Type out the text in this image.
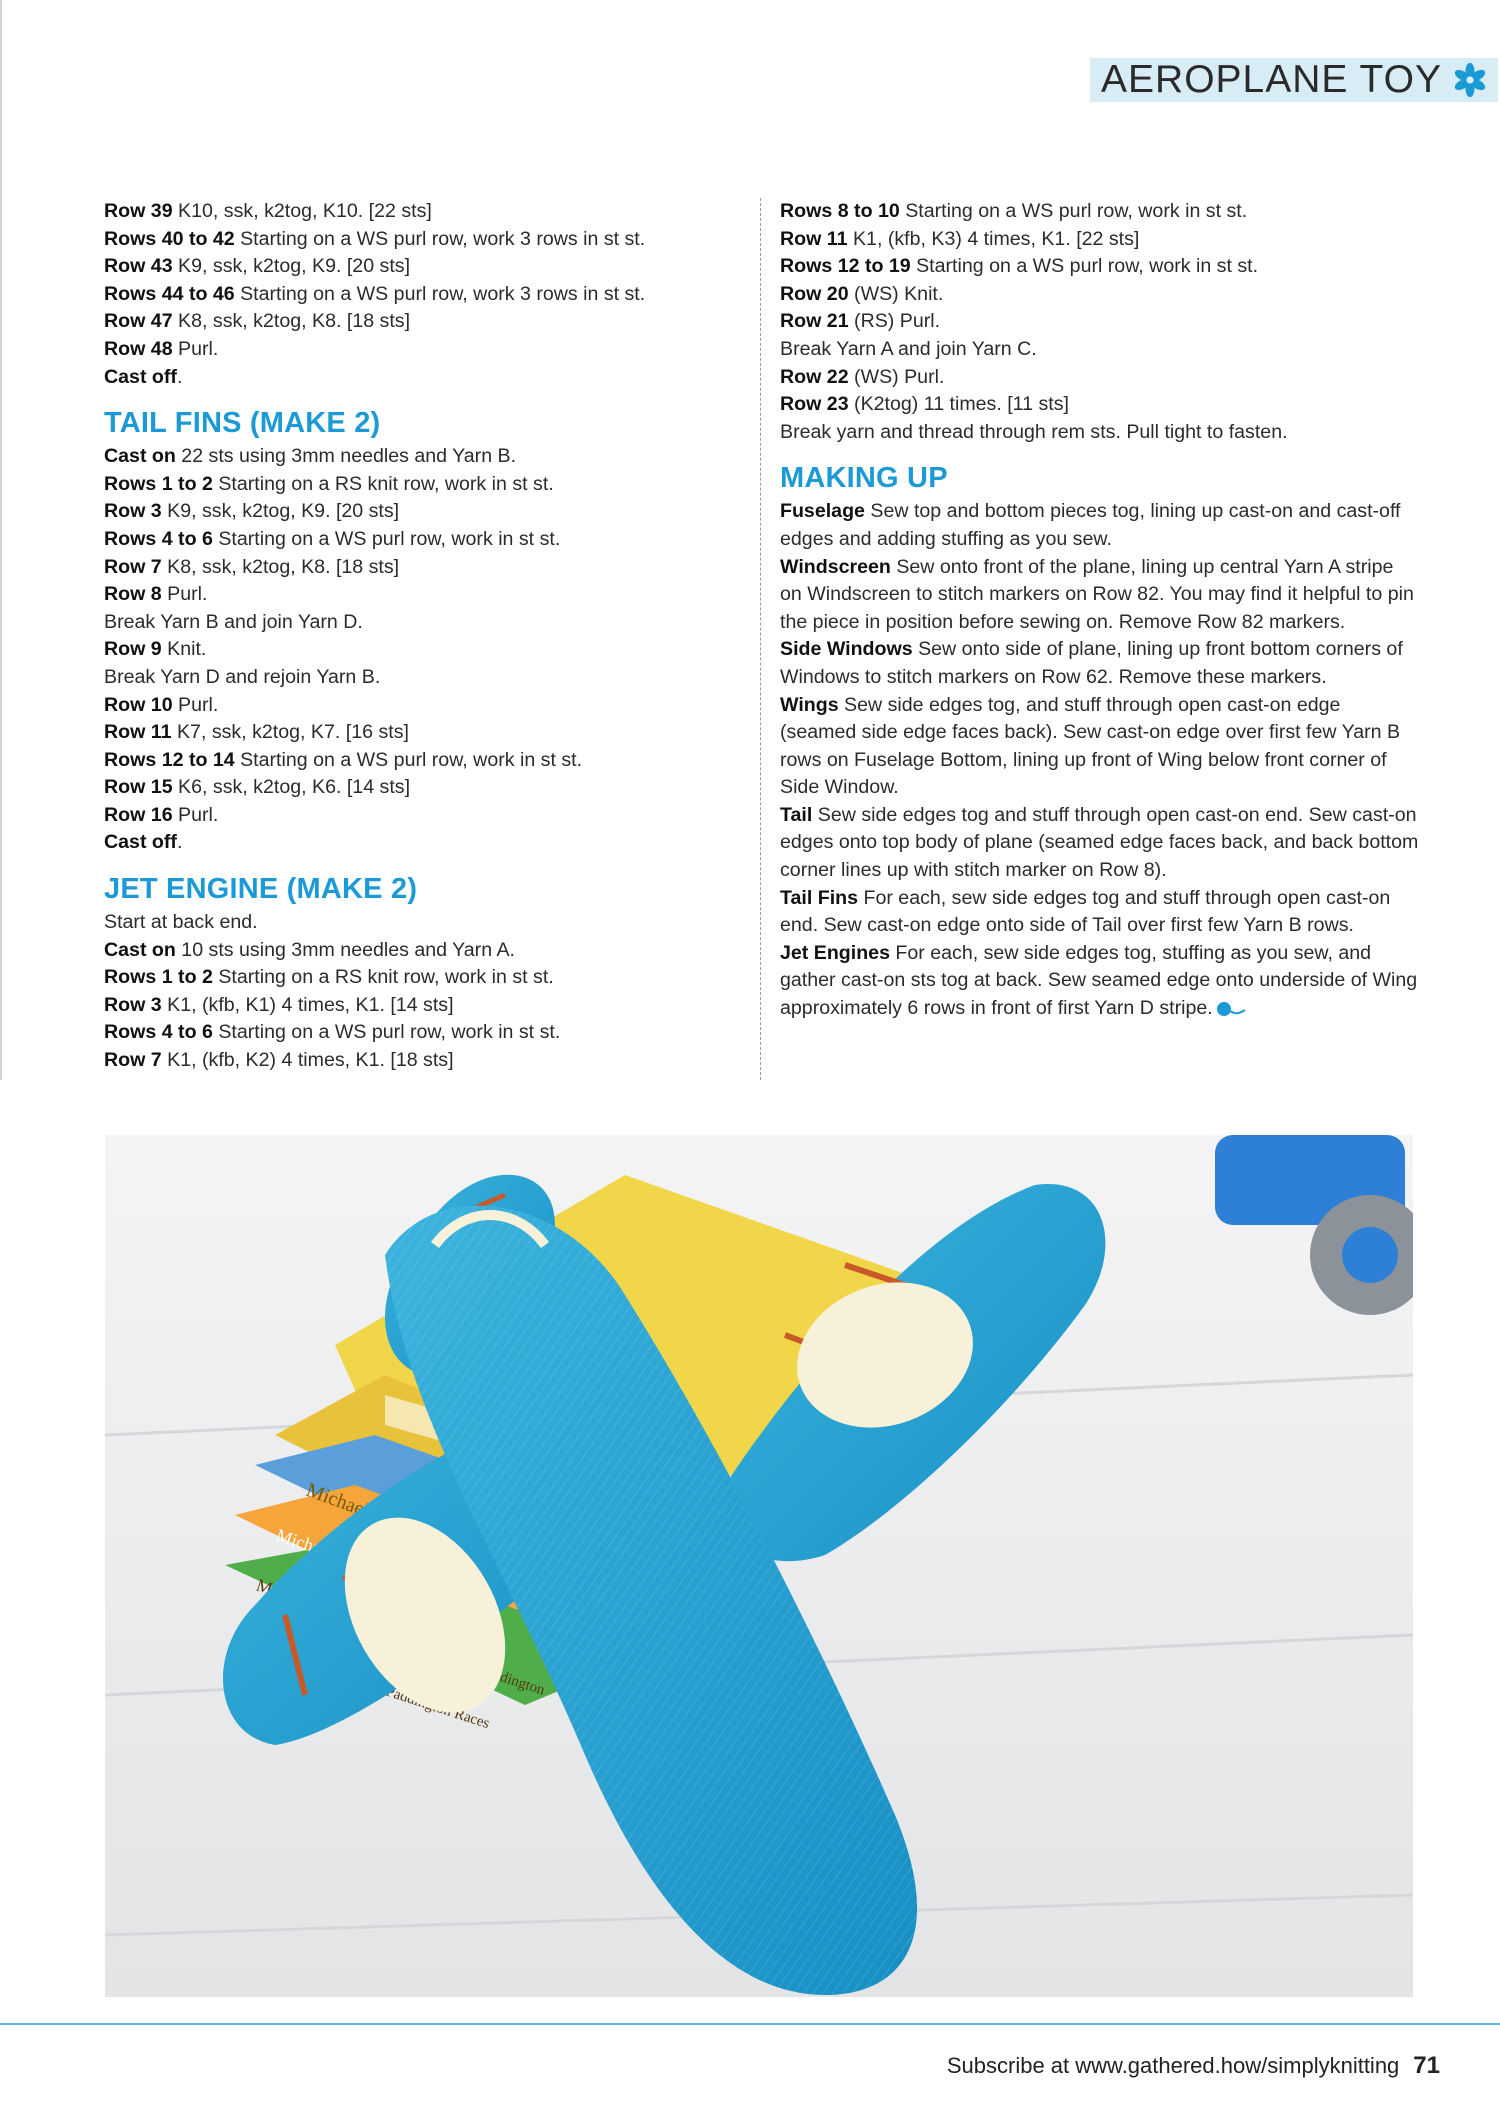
AEROPLANE TOY
Row 39 K10, ssk, k2tog, K10. [22 sts]
Rows 40 to 42 Starting on a WS purl row, work 3 rows in st st.
Row 43 K9, ssk, k2tog, K9. [20 sts]
Rows 44 to 46 Starting on a WS purl row, work 3 rows in st st.
Row 47 K8, ssk, k2tog, K8. [18 sts]
Row 48 Purl.
Cast off.
TAIL FINS (MAKE 2)
Cast on 22 sts using 3mm needles and Yarn B.
Rows 1 to 2 Starting on a RS knit row, work in st st.
Row 3 K9, ssk, k2tog, K9. [20 sts]
Rows 4 to 6 Starting on a WS purl row, work in st st.
Row 7 K8, ssk, k2tog, K8. [18 sts]
Row 8 Purl.
Break Yarn B and join Yarn D.
Row 9 Knit.
Break Yarn D and rejoin Yarn B.
Row 10 Purl.
Row 11 K7, ssk, k2tog, K7. [16 sts]
Rows 12 to 14 Starting on a WS purl row, work in st st.
Row 15 K6, ssk, k2tog, K6. [14 sts]
Row 16 Purl.
Cast off.
JET ENGINE (MAKE 2)
Start at back end.
Cast on 10 sts using 3mm needles and Yarn A.
Rows 1 to 2 Starting on a RS knit row, work in st st.
Row 3 K1, (kfb, K1) 4 times, K1. [14 sts]
Rows 4 to 6 Starting on a WS purl row, work in st st.
Row 7 K1, (kfb, K2) 4 times, K1. [18 sts]
Rows 8 to 10 Starting on a WS purl row, work in st st.
Row 11 K1, (kfb, K3) 4 times, K1. [22 sts]
Rows 12 to 19 Starting on a WS purl row, work in st st.
Row 20 (WS) Knit.
Row 21 (RS) Purl.
Break Yarn A and join Yarn C.
Row 22 (WS) Purl.
Row 23 (K2tog) 11 times. [11 sts]
Break yarn and thread through rem sts. Pull tight to fasten.
MAKING UP
Fuselage Sew top and bottom pieces tog, lining up cast-on and cast-off edges and adding stuffing as you sew.
Windscreen Sew onto front of the plane, lining up central Yarn A stripe on Windscreen to stitch markers on Row 82. You may find it helpful to pin the piece in position before sewing on. Remove Row 82 markers.
Side Windows Sew onto side of plane, lining up front bottom corners of Windows to stitch markers on Row 62. Remove these markers.
Wings Sew side edges tog, and stuff through open cast-on edge (seamed side edge faces back). Sew cast-on edge over first few Yarn B rows on Fuselage Bottom, lining up front of Wing below front corner of Side Window.
Tail Sew side edges tog and stuff through open cast-on end. Sew cast-on edges onto top body of plane (seamed edge faces back, and back bottom corner lines up with stitch marker on Row 8).
Tail Fins For each, sew side edges tog and stuff through open cast-on end. Sew cast-on edge onto side of Tail over first few Yarn B rows.
Jet Engines For each, sew side edges tog, stuffing as you sew, and gather cast-on sts tog at back. Sew seamed edge onto underside of Wing approximately 6 rows in front of first Yarn D stripe.
Paddington
Subscribe at www.gathered.how/simplyknitting 71
